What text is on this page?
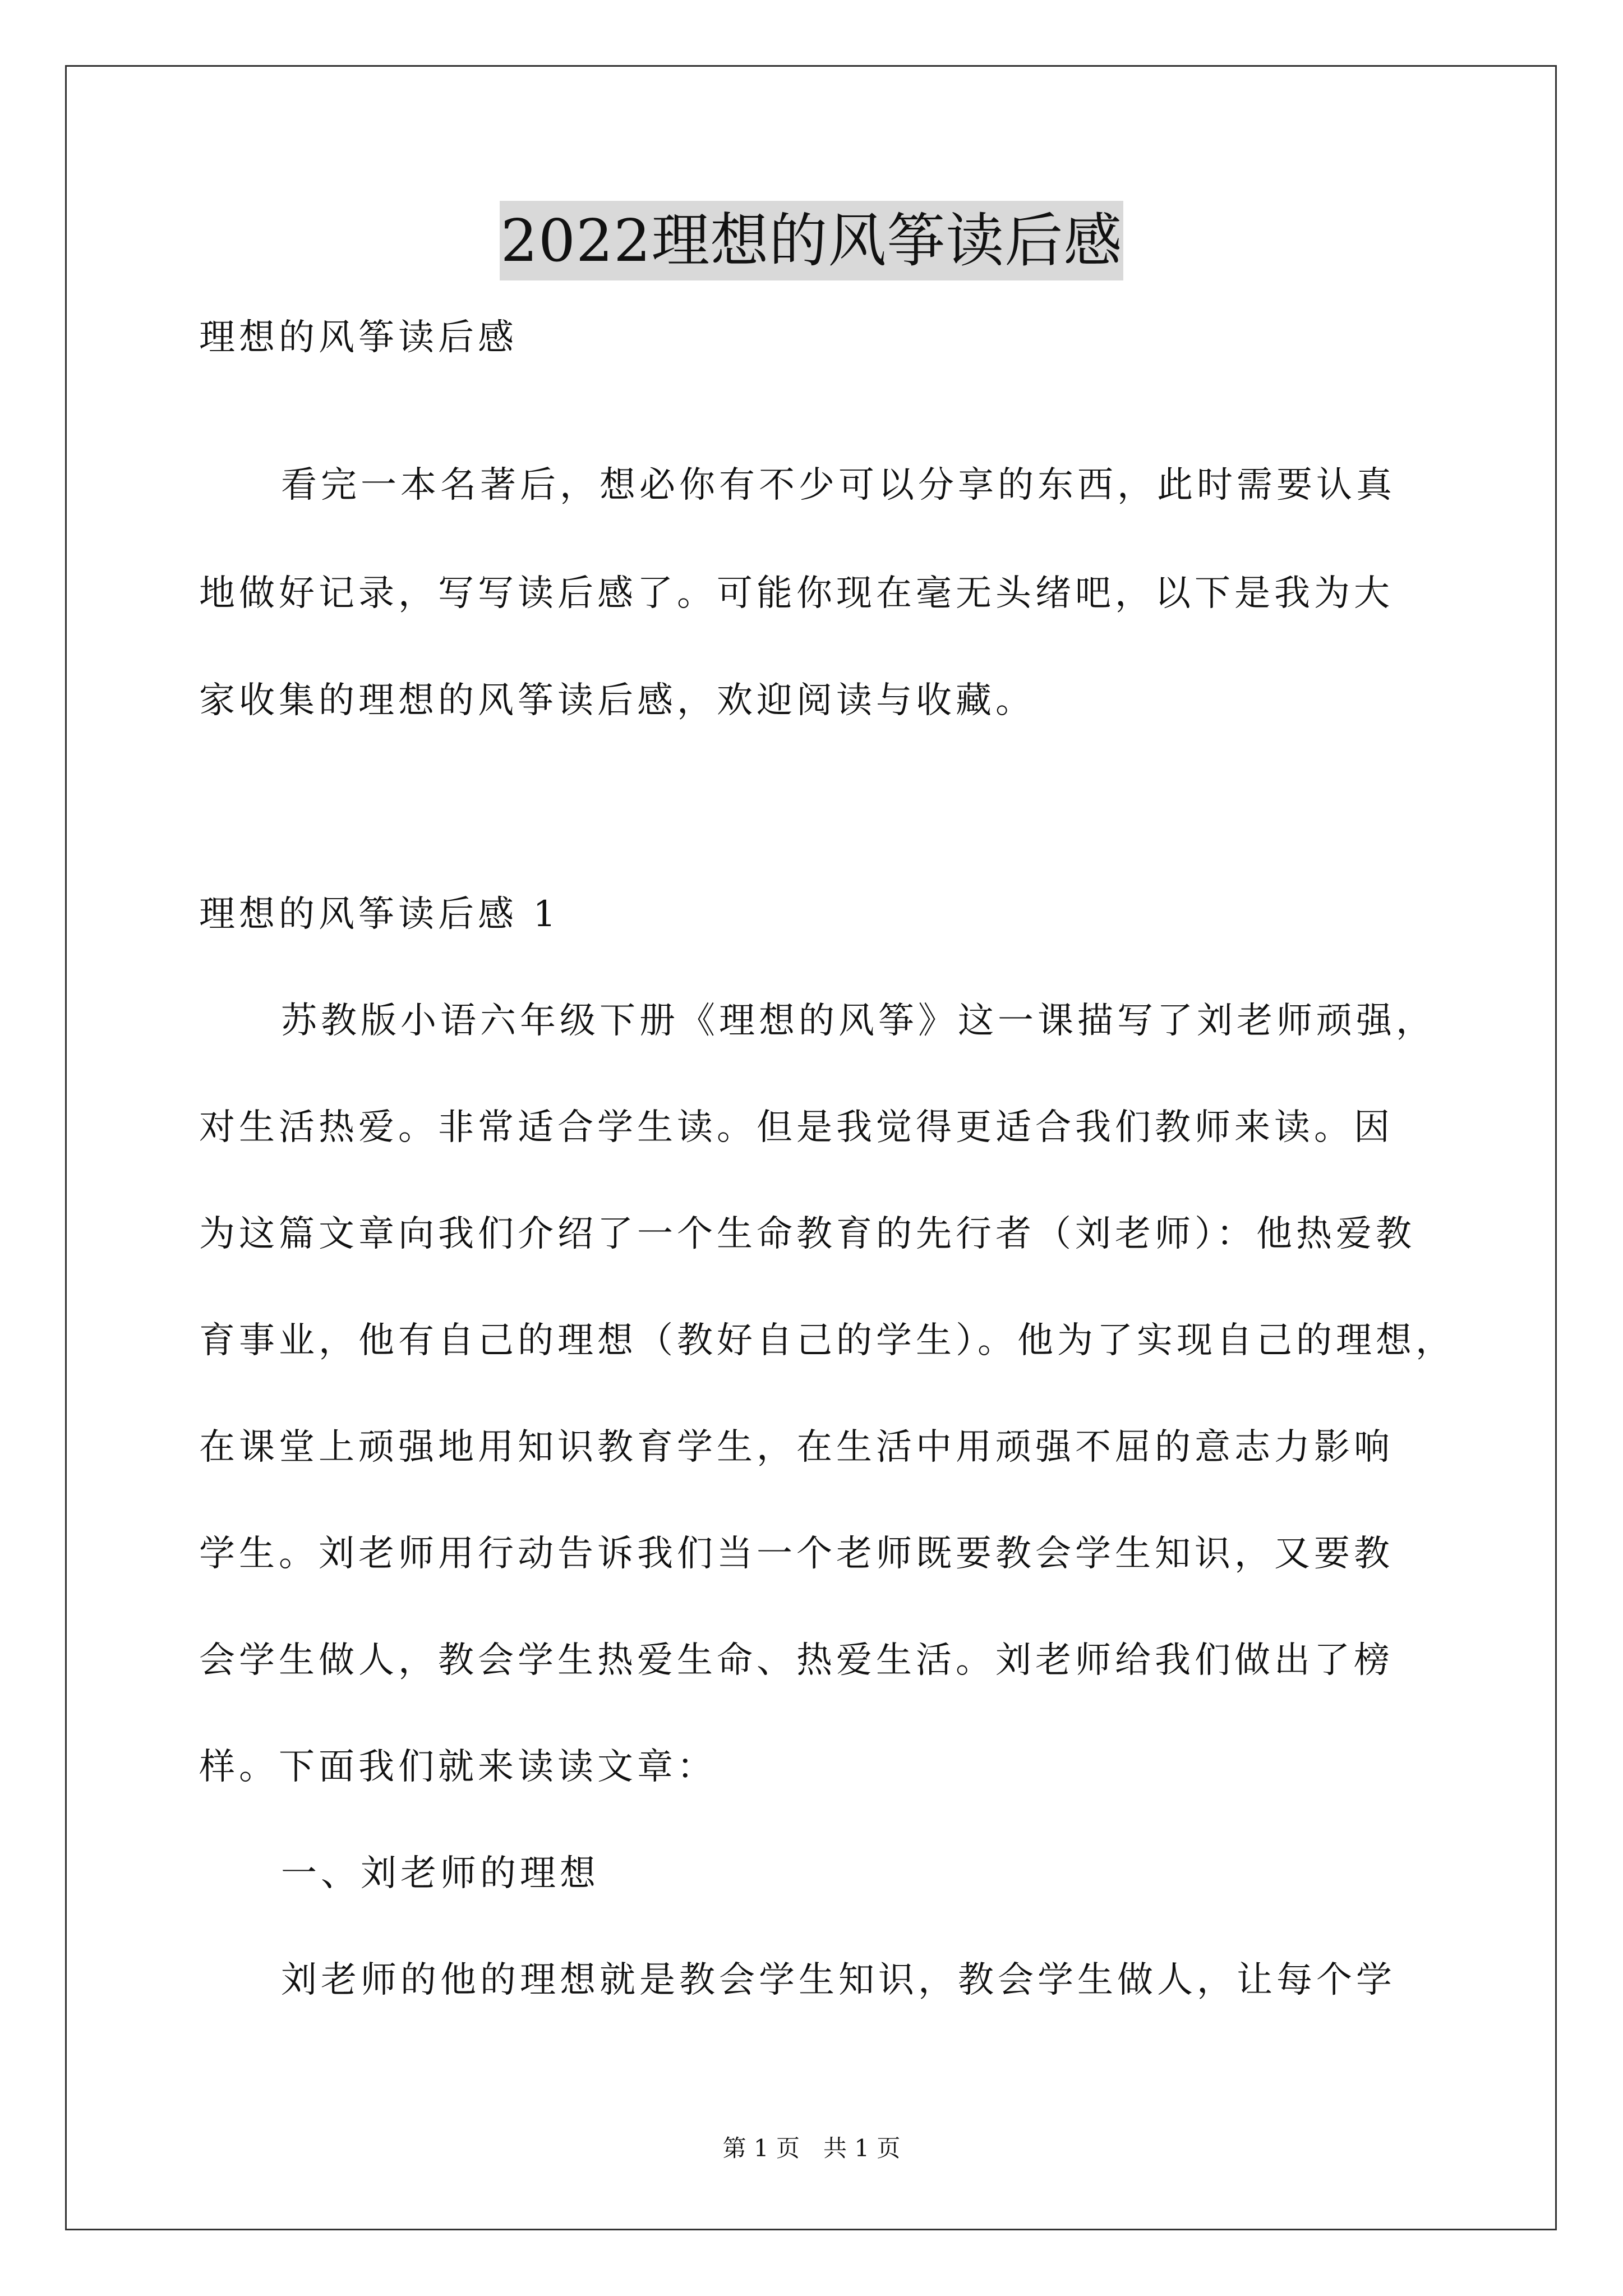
2022理想的风筝读后感
理想的风筝读后感
看完一本名著后，想必你有不少可以分享的东西，此时需要认真
地做好记录，写写读后感了。可能你现在毫无头绪吧，以下是我为大
家收集的理想的风筝读后感，欢迎阅读与收藏。
理想的风筝读后感 1
苏教版小语六年级下册《理想的风筝》这一课描写了刘老师顽强，
对生活热爱。非常适合学生读。但是我觉得更适合我们教师来读。因
为这篇文章向我们介绍了一个生命教育的先行者（刘老师）：他热爱教
育事业，他有自己的理想（教好自己的学生）。他为了实现自己的理想，
在课堂上顽强地用知识教育学生，在生活中用顽强不屈的意志力影响
学生。刘老师用行动告诉我们当一个老师既要教会学生知识，又要教
会学生做人，教会学生热爱生命、热爱生活。刘老师给我们做出了榜
样。下面我们就来读读文章：
一、刘老师的理想
刘老师的他的理想就是教会学生知识，教会学生做人，让每个学
第 1 页　共 1 页
